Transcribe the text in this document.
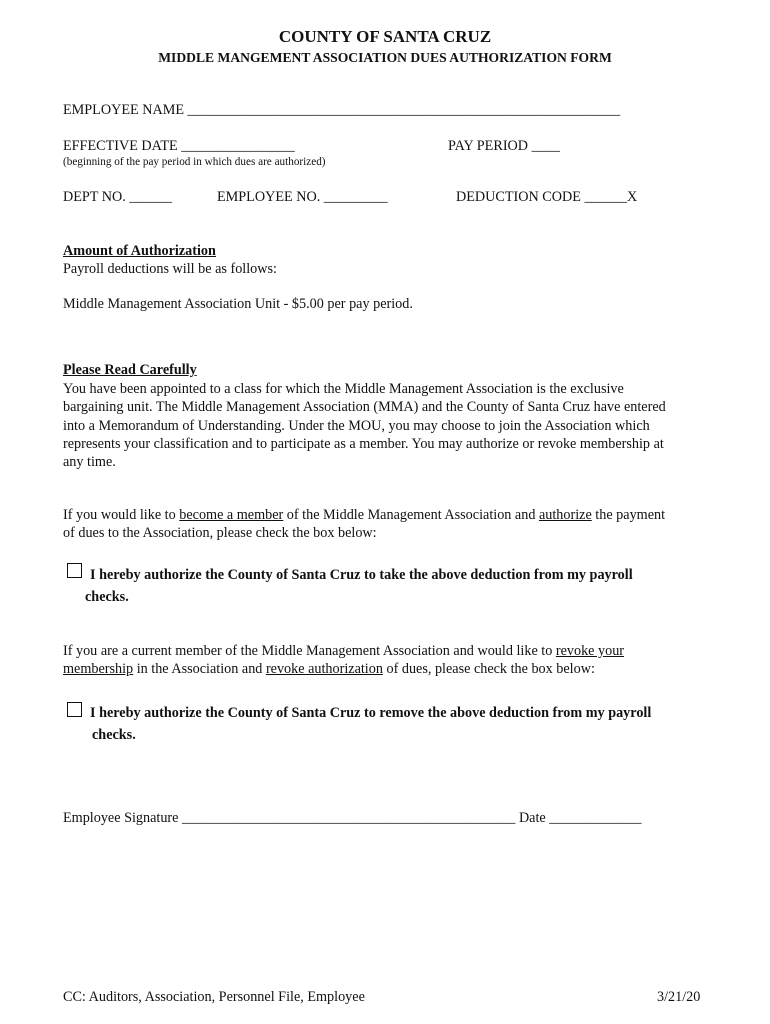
COUNTY OF SANTA CRUZ
MIDDLE MANGEMENT ASSOCIATION DUES AUTHORIZATION FORM
EMPLOYEE NAME _____________________________________________________________
EFFECTIVE DATE ________________	PAY PERIOD ____
(beginning of the pay period in which dues are authorized)
DEPT NO. ______	EMPLOYEE NO. _________	DEDUCTION CODE ______X
Amount of Authorization
Payroll deductions will be as follows:
Middle Management Association Unit - $5.00 per pay period.
Please Read Carefully
You have been appointed to a class for which the Middle Management Association is the exclusive
bargaining unit. The Middle Management Association (MMA) and the County of Santa Cruz have entered
into a Memorandum of Understanding. Under the MOU, you may choose to join the Association which
represents your classification and to participate as a member. You may authorize or revoke membership at
any time.
If you would like to become a member of the Middle Management Association and authorize the payment
of dues to the Association, please check the box below:
I hereby authorize the County of Santa Cruz to take the above deduction from my payroll
checks.
If you are a current member of the Middle Management Association and would like to revoke your
membership in the Association and revoke authorization of dues, please check the box below:
I hereby authorize the County of Santa Cruz to remove the above deduction from my payroll
checks.
Employee Signature _______________________________________________ Date _____________
CC: Auditors, Association, Personnel File, Employee	3/21/20
